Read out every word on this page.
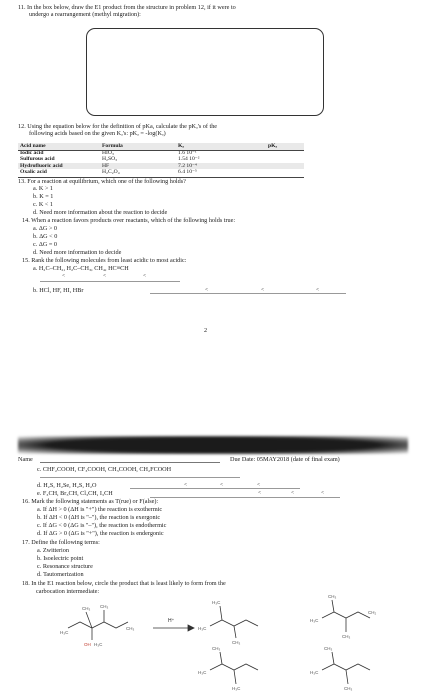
11. In the box below, draw the E1 product from the structure in problem 12, if it were to
undergo a rearrangement (methyl migration):
12. Using the equation below for the definition of pKa, calculate the pKₐ's of the
following acids based on the given Kₐ's: pKₐ = -log(Kₐ)
Acid name	Formula	Kₐ	pKₐ
Iodic acid	HIO₃	1.6 10⁻¹	
Sulfurous acid	H₂SO₃	1.54 10⁻²	
Hydrofluoric acid	HF	7.2 10⁻⁴	
Oxalic acid	H₂C₂O₄	6.4 10⁻⁵	
13. For a reaction at equilibrium, which one of the following holds?
a. K > 1
b. K = 1
c. K < 1
d. Need more information about the reaction to decide
14. When a reaction favors products over reactants, which of the following holds true:
a. ΔG > 0
b. ΔG < 0
c. ΔG = 0
d. Need more information to decide
15. Rank the following molecules from least acidic to most acidic:
a. H₂C–CH₂, H₂C–CH₃, CH₄, HC≡CH
<	<	<
b. HCl, HF, HI, HBr	<	<	<
2
Name	Due Date: 05MAY2018 (date of final exam)
c. CHF₂COOH, CF₃COOH, CH₃COOH, CH₂FCOOH
d. H₂S, H₂Se, H₂S, H₂O	<	<	<
e. F₃CH, Br₃CH, Cl₃CH, I₃CH	<	<	<
16. Mark the following statements as T(rue) or F(alse):
a. If ΔH > 0 (ΔH is "+") the reaction is exothermic
b. If ΔH < 0 (ΔH is "–"), the reaction is exergonic
c. If ΔG < 0 (ΔG is "–"), the reaction is endothermic
d. If ΔG > 0 (ΔG is "+"), the reaction is endergonic
17. Define the following terms:
a. Zwitterion
b. Isoelectric point
c. Resonance structure
d. Tautomerization
18. In the E1 reaction below, circle the product that is least likely to form from the
carbocation intermediate:
CH₃ CH₃
H₃C
CH₃
OH H₃C
H⁺
H₃C
H₃C
CH₃
CH₃
H₃C
CH₂
CH₃
CH₃
H₃C
H₃C
CH₃
H₃C
CH₃
